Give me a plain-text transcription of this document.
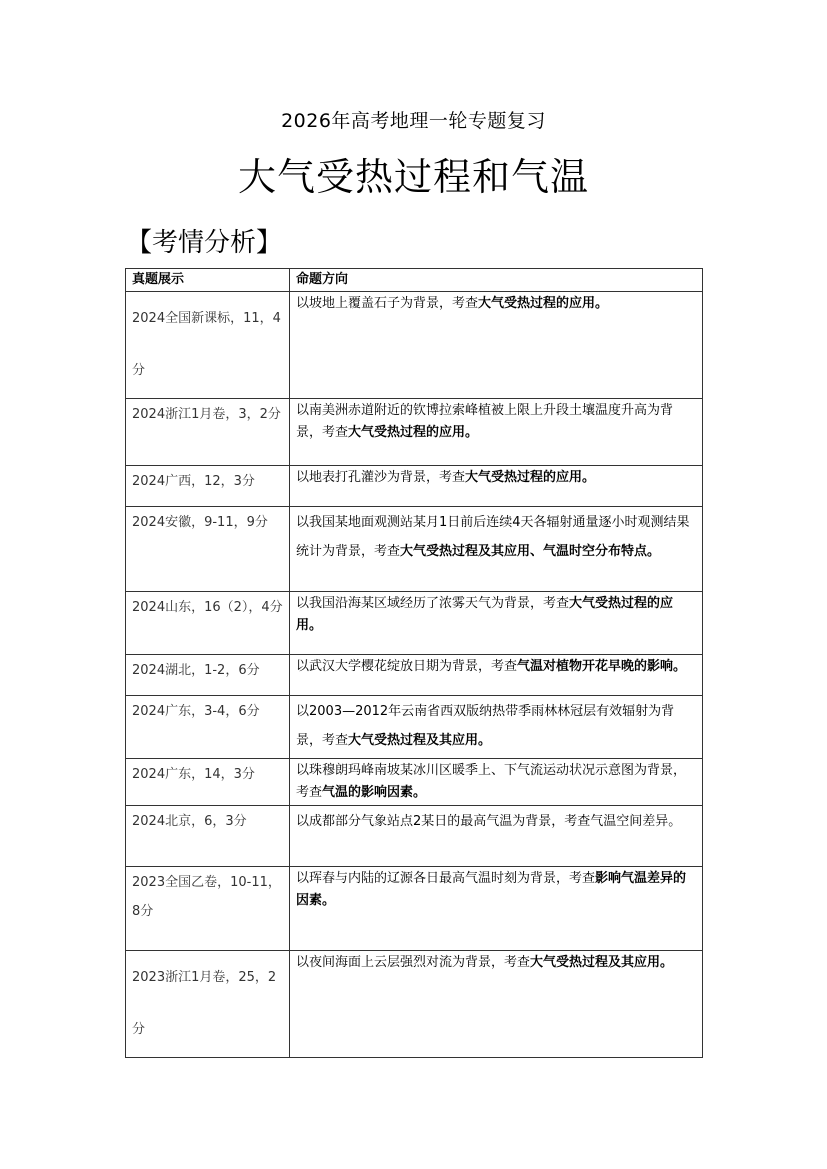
2026年高考地理一轮专题复习
大气受热过程和气温
【考情分析】
真题展示	命题方向
2024全国新课标，11，4分	以坡地上覆盖石子为背景，考查大气受热过程的应用。
2024浙江1月卷，3，2分	以南美洲赤道附近的钦博拉索峰植被上限上升段土壤温度升高为背景，考查大气受热过程的应用。
2024广西，12，3分	以地表打孔灌沙为背景，考查大气受热过程的应用。
2024安徽，9-11，9分	以我国某地面观测站某月1日前后连续4天各辐射通量逐小时观测结果统计为背景，考查大气受热过程及其应用、气温时空分布特点。
2024山东，16（2），4分	以我国沿海某区域经历了浓雾天气为背景，考查大气受热过程的应用。
2024湖北，1-2，6分	以武汉大学樱花绽放日期为背景，考查气温对植物开花早晚的影响。
2024广东，3-4，6分	以2003—2012年云南省西双版纳热带季雨林林冠层有效辐射为背景，考查大气受热过程及其应用。
2024广东，14，3分	以珠穆朗玛峰南坡某冰川区暖季上、下气流运动状况示意图为背景，考查气温的影响因素。
2024北京，6，3分	以成都部分气象站点2某日的最高气温为背景，考查气温空间差异。
2023全国乙卷，10-11，8分	以珲春与内陆的辽源各日最高气温时刻为背景，考查影响气温差异的因素。
2023浙江1月卷，25，2分	以夜间海面上云层强烈对流为背景，考查大气受热过程及其应用。
